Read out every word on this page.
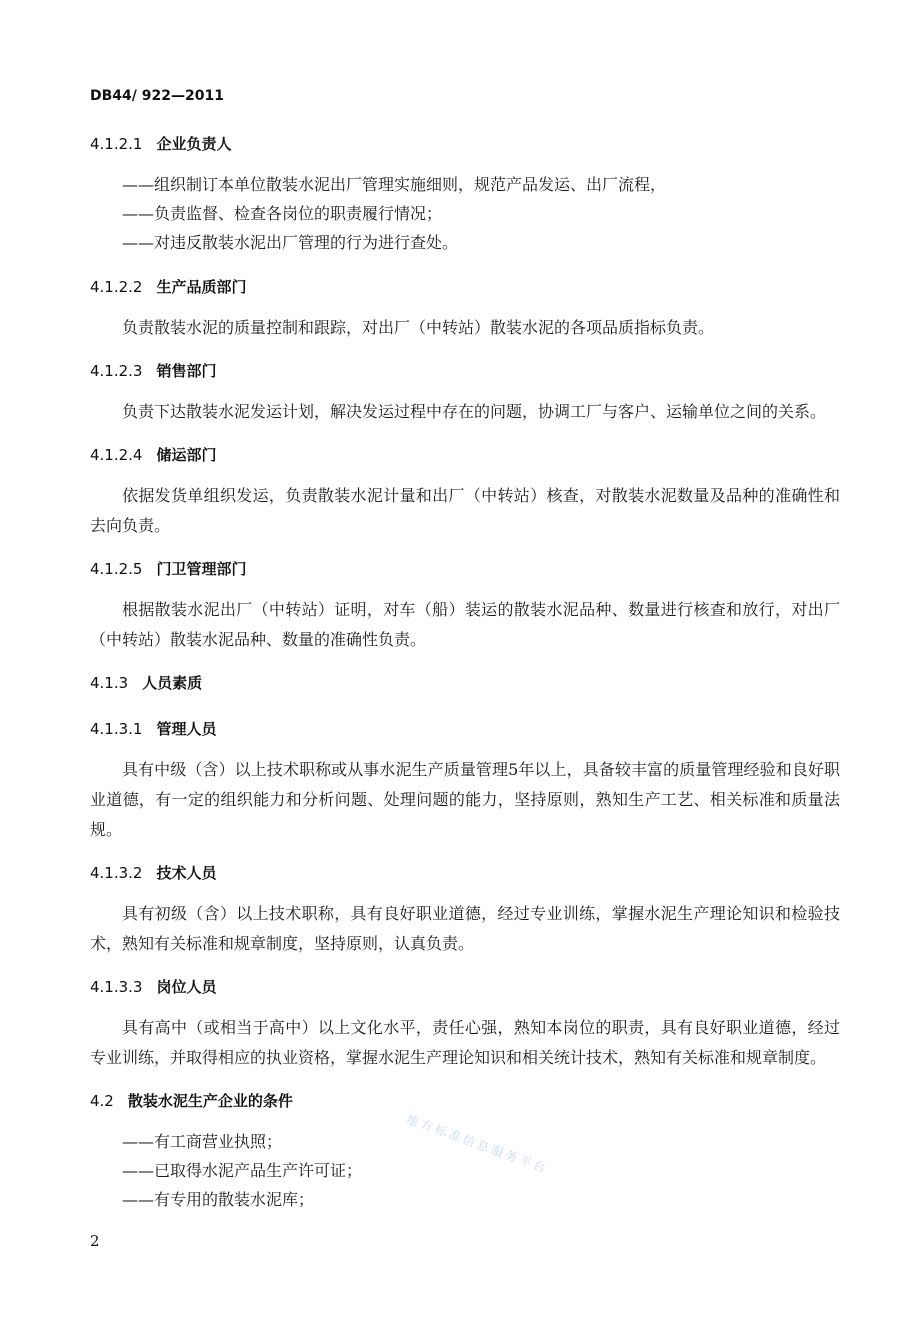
DB44/ 922—2011
4.1.2.1 企业负责人
——组织制订本单位散装水泥出厂管理实施细则，规范产品发运、出厂流程，
——负责监督、检查各岗位的职责履行情况；
——对违反散装水泥出厂管理的行为进行查处。
4.1.2.2 生产品质部门

负责散装水泥的质量控制和跟踪，对出厂（中转站）散装水泥的各项品质指标负责。

4.1.2.3 销售部门

负责下达散装水泥发运计划，解决发运过程中存在的问题，协调工厂与客户、运输单位之间的关系。

4.1.2.4 储运部门

依据发货单组织发运，负责散装水泥计量和出厂（中转站）核查，对散装水泥数量及品种的准确性和去向负责。

4.1.2.5 门卫管理部门

根据散装水泥出厂（中转站）证明，对车（船）装运的散装水泥品种、数量进行核查和放行，对出厂（中转站）散装水泥品种、数量的准确性负责。

4.1.3 人员素质
4.1.3.1 管理人员

具有中级（含）以上技术职称或从事水泥生产质量管理5年以上，具备较丰富的质量管理经验和良好职业道德，有一定的组织能力和分析问题、处理问题的能力，坚持原则，熟知生产工艺、相关标准和质量法规。

4.1.3.2 技术人员

具有初级（含）以上技术职称，具有良好职业道德，经过专业训练，掌握水泥生产理论知识和检验技术，熟知有关标准和规章制度，坚持原则，认真负责。

4.1.3.3 岗位人员

具有高中（或相当于高中）以上文化水平，责任心强，熟知本岗位的职责，具有良好职业道德，经过专业训练，并取得相应的执业资格，掌握水泥生产理论知识和相关统计技术，熟知有关标准和规章制度。

4.2 散装水泥生产企业的条件
——有工商营业执照；
——已取得水泥产品生产许可证；
——有专用的散装水泥库；
地方标准信息服务平台
2
